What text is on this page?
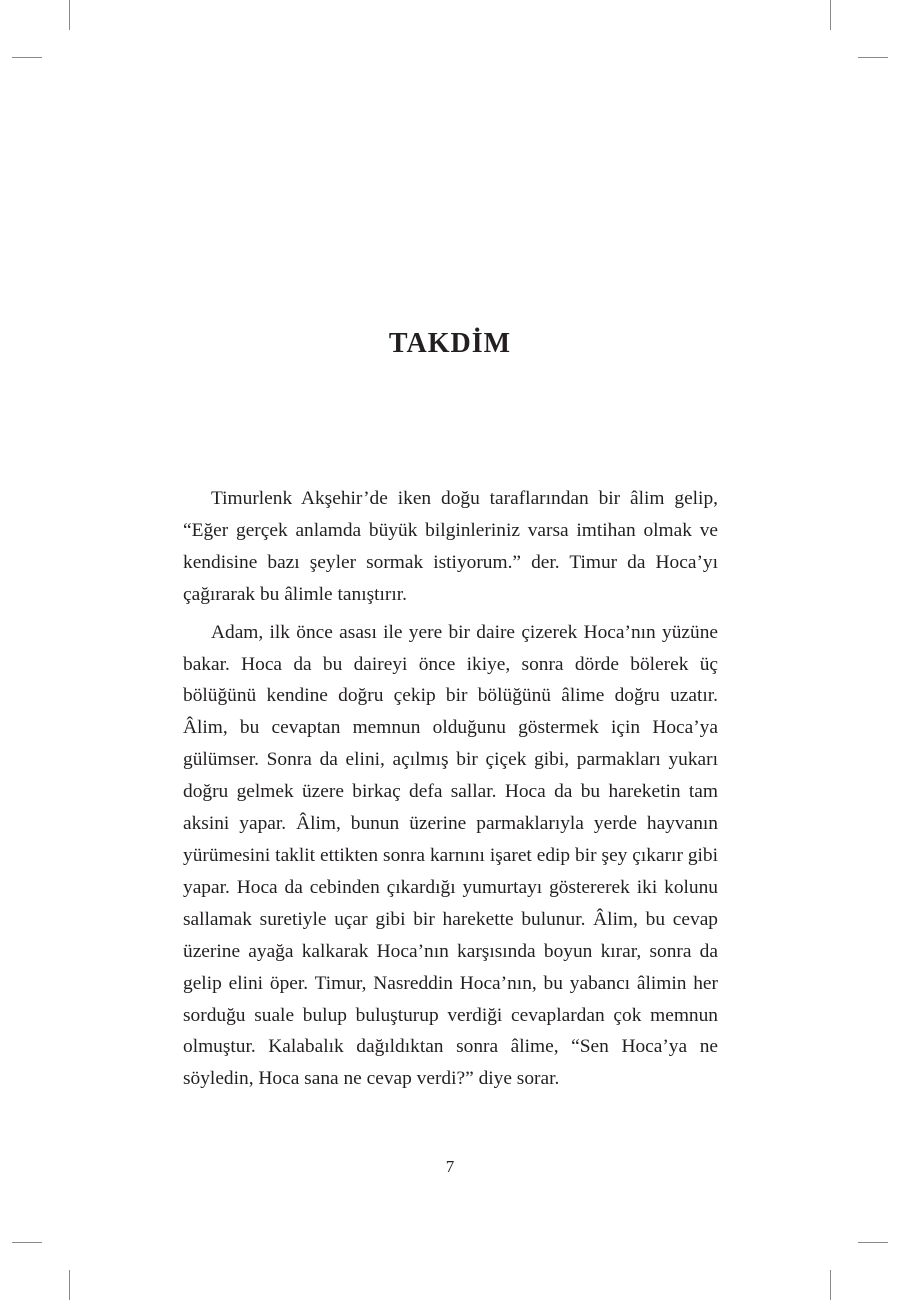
TAKDİM

Timurlenk Akşehir’de iken doğu taraflarından bir âlim gelip, “Eğer gerçek anlamda büyük bilginleriniz varsa imtihan olmak ve kendisine bazı şeyler sormak istiyorum.” der. Timur da Hoca’yı çağırarak bu âlimle tanıştırır.

Adam, ilk önce asası ile yere bir daire çizerek Hoca’nın yüzüne bakar. Hoca da bu daireyi önce ikiye, sonra dörde bölerek üç bölüğünü kendine doğru çekip bir bölüğünü âlime doğru uzatır. Âlim, bu cevaptan memnun olduğunu göstermek için Hoca’ya gülümser. Sonra da elini, açılmış bir çiçek gibi, parmakları yukarı doğru gelmek üzere birkaç defa sallar. Hoca da bu hareketin tam aksini yapar. Âlim, bunun üzerine parmaklarıyla yerde hayvanın yürümesini taklit ettikten sonra karnını işaret edip bir şey çıkarır gibi yapar. Hoca da cebinden çıkardığı yumurtayı göstererek iki kolunu sallamak suretiyle uçar gibi bir harekette bulunur. Âlim, bu cevap üzerine ayağa kalkarak Hoca’nın karşısında boyun kırar, sonra da gelip elini öper. Timur, Nasreddin Hoca’nın, bu yabancı âlimin her sorduğu suale bulup buluşturup verdiği cevaplardan çok memnun olmuştur. Kalabalık dağıldıktan sonra âlime, “Sen Hoca’ya ne söyledin, Hoca sana ne cevap verdi?” diye sorar.

7
